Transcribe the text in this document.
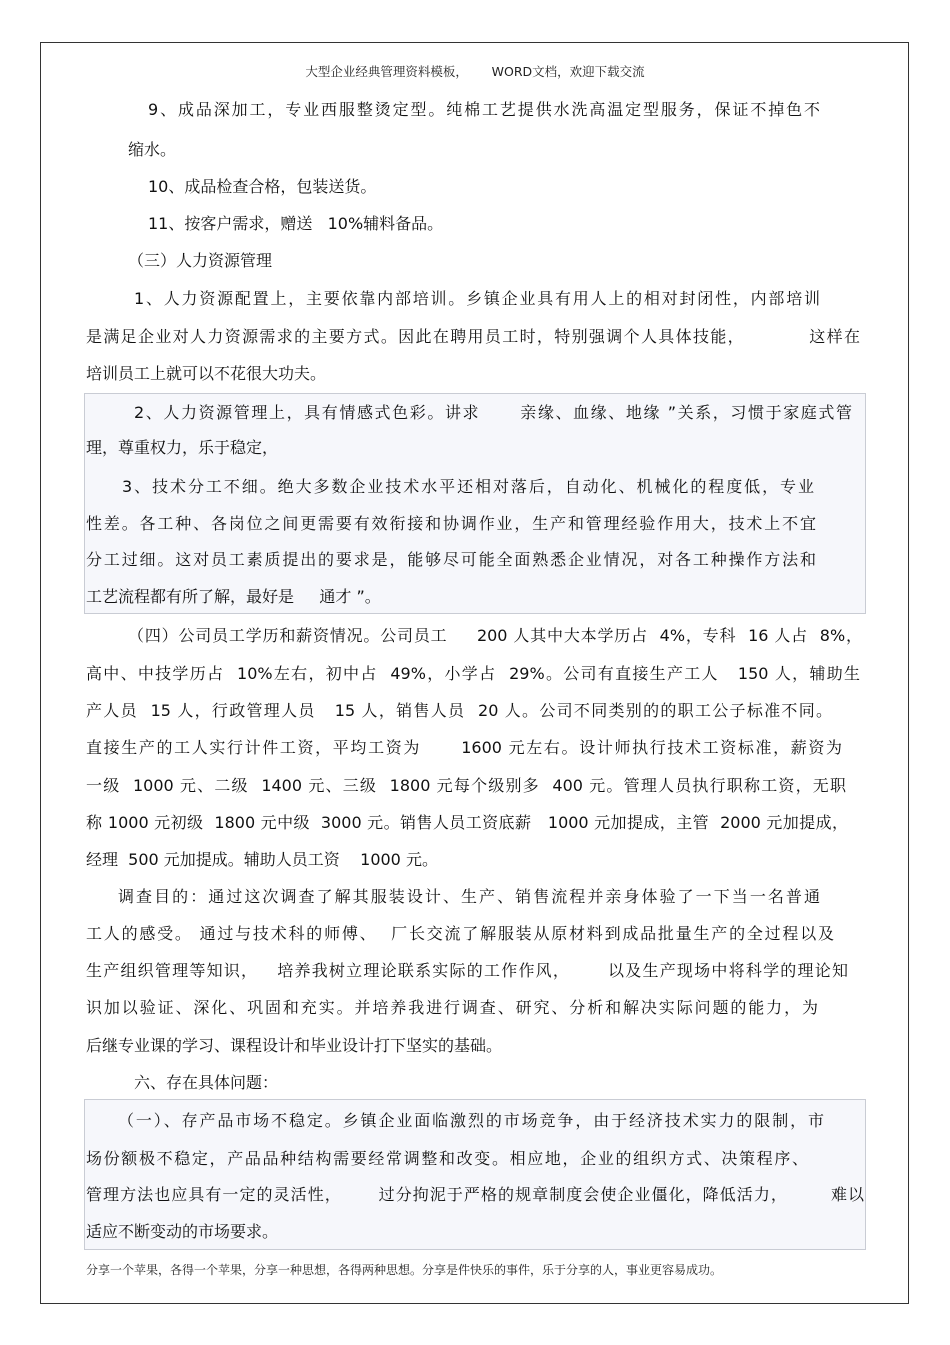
大型企业经典管理资料模板，      WORD文档，欢迎下载交流
9、成品深加工，专业西服整烫定型。纯棉工艺提供水洗高温定型服务，保证不掉色不
缩水。
10、成品检查合格，包装送货。
11、按客户需求，赠送   10%辅料备品。
（三）人力资源管理
1、人力资源配置上，主要依靠内部培训。乡镇企业具有用人上的相对封闭性，内部培训
是满足企业对人力资源需求的主要方式。因此在聘用员工时，特别强调个人具体技能，          这样在
培训员工上就可以不花很大功夫。
2、人力资源管理上，具有情感式色彩。讲求      亲缘、血缘、地缘 ”关系，习惯于家庭式管
理，尊重权力，乐于稳定，
3、技术分工不细。绝大多数企业技术水平还相对落后，自动化、机械化的程度低，专业
性差。各工种、各岗位之间更需要有效衔接和协调作业，生产和管理经验作用大，技术上不宜
分工过细。这对员工素质提出的要求是，能够尽可能全面熟悉企业情况，对各工种操作方法和
工艺流程都有所了解，最好是     通才 ”。
（四）公司员工学历和薪资情况。公司员工     200 人其中大本学历占  4%，专科  16 人占  8%，
高中、中技学历占  10%左右，初中占  49%，小学占  29%。公司有直接生产工人   150 人，辅助生
产人员  15 人，行政管理人员   15 人，销售人员  20 人。公司不同类别的的职工公子标准不同。
直接生产的工人实行计件工资，平均工资为      1600 元左右。设计师执行技术工资标准，薪资为
一级  1000 元、二级  1400 元、三级  1800 元每个级别多  400 元。管理人员执行职称工资，无职
称 1000 元初级  1800 元中级  3000 元。销售人员工资底薪   1000 元加提成，主管  2000 元加提成，
经理  500 元加提成。辅助人员工资    1000 元。
调查目的：通过这次调查了解其服装设计、生产、销售流程并亲身体验了一下当一名普通
工人的感受。 通过与技术科的师傅、  厂长交流了解服装从原材料到成品批量生产的全过程以及
生产组织管理等知识，   培养我树立理论联系实际的工作作风，      以及生产现场中将科学的理论知
识加以验证、深化、巩固和充实。并培养我进行调查、研究、分析和解决实际问题的能力，为
后继专业课的学习、课程设计和毕业设计打下坚实的基础。
六、存在具体问题：
（一）、存产品市场不稳定。乡镇企业面临激烈的市场竞争，由于经济技术实力的限制，市
场份额极不稳定，产品品种结构需要经常调整和改变。相应地，企业的组织方式、决策程序、
管理方法也应具有一定的灵活性，      过分拘泥于严格的规章制度会使企业僵化，降低活力，       难以
适应不断变动的市场要求。
分享一个苹果，各得一个苹果，分享一种思想，各得两种思想。分享是件快乐的事件，乐于分享的人，事业更容易成功。
